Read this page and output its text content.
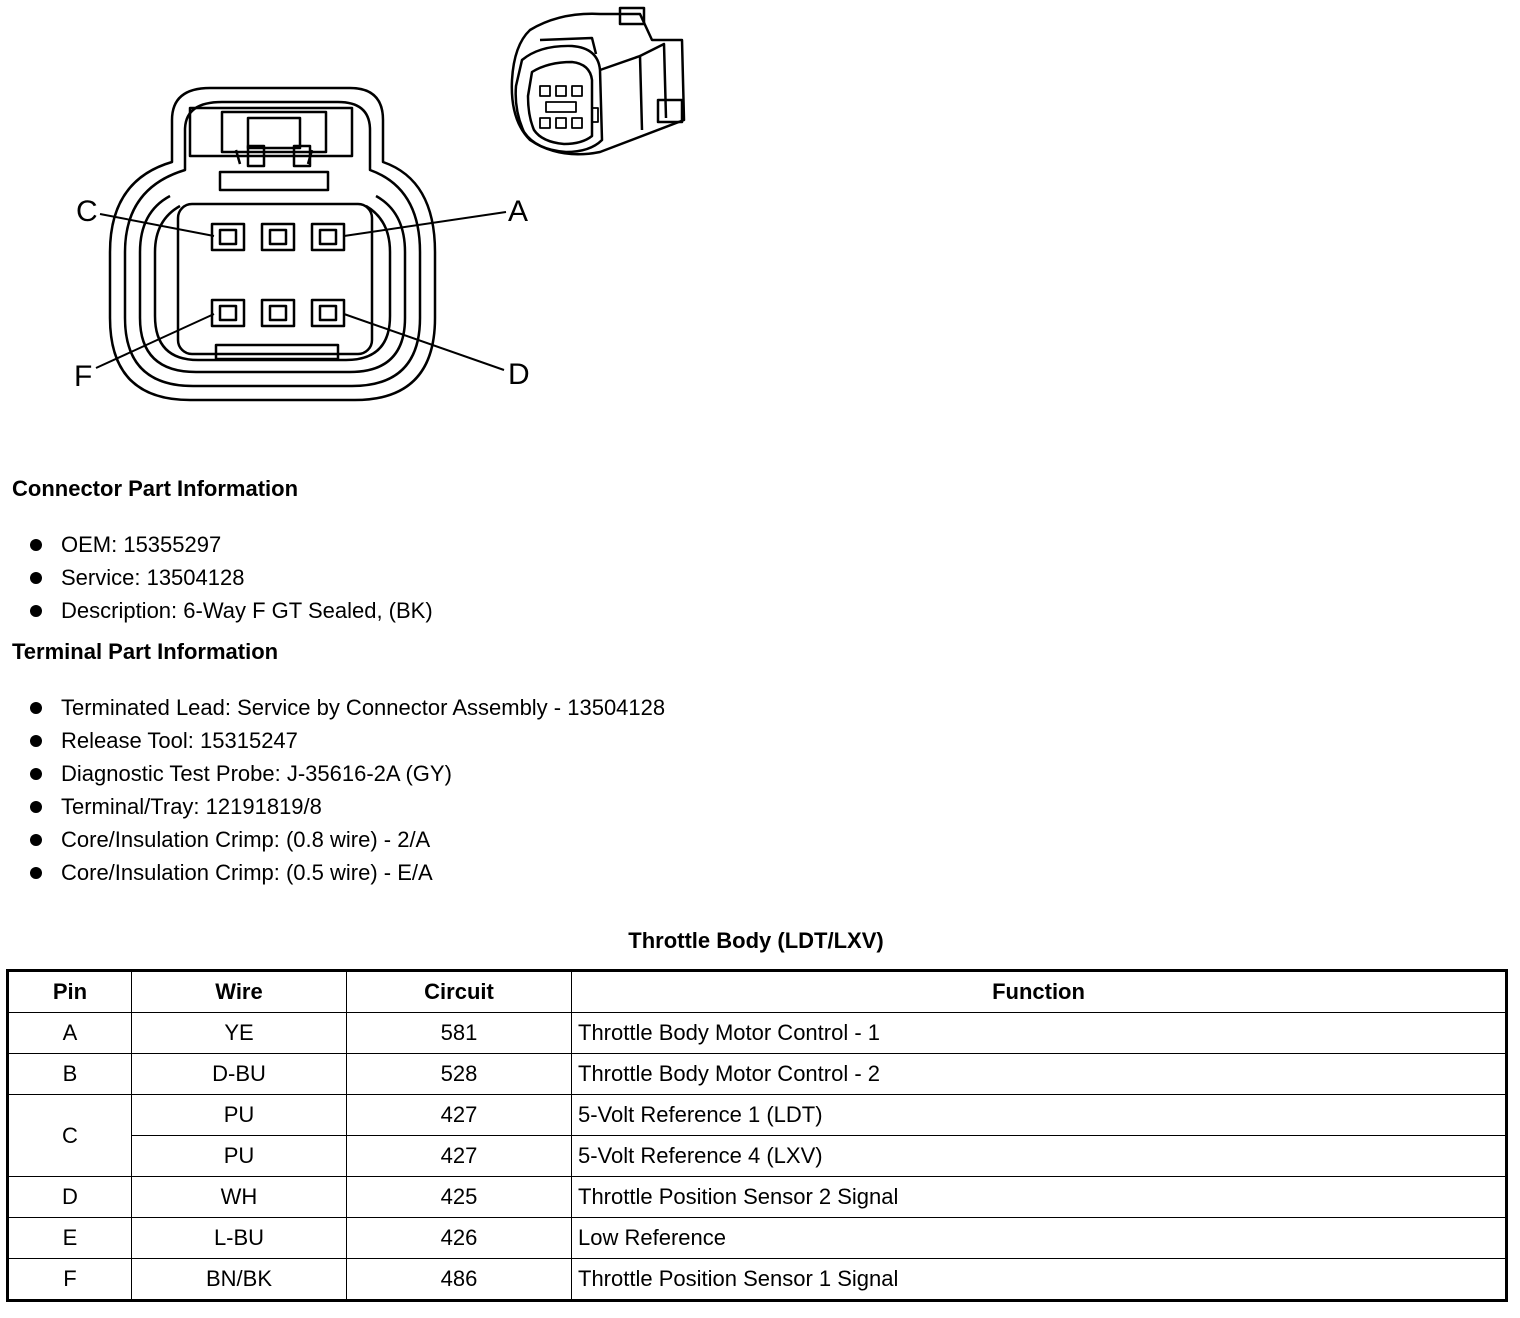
C	A
F	D
Connector Part Information
OEM: 15355297
Service: 13504128
Description: 6-Way F GT Sealed, (BK)
Terminal Part Information
Terminated Lead: Service by Connector Assembly - 13504128
Release Tool: 15315247
Diagnostic Test Probe: J-35616-2A (GY)
Terminal/Tray: 12191819/8
Core/Insulation Crimp: (0.8 wire) - 2/A
Core/Insulation Crimp: (0.5 wire) - E/A
Throttle Body (LDT/LXV)
Pin	Wire	Circuit	Function
A	YE	581	Throttle Body Motor Control - 1
B	D-BU	528	Throttle Body Motor Control - 2
C	PU	427	5-Volt Reference 1 (LDT)
	PU	427	5-Volt Reference 4 (LXV)
D	WH	425	Throttle Position Sensor 2 Signal
E	L-BU	426	Low Reference
F	BN/BK	486	Throttle Position Sensor 1 Signal
